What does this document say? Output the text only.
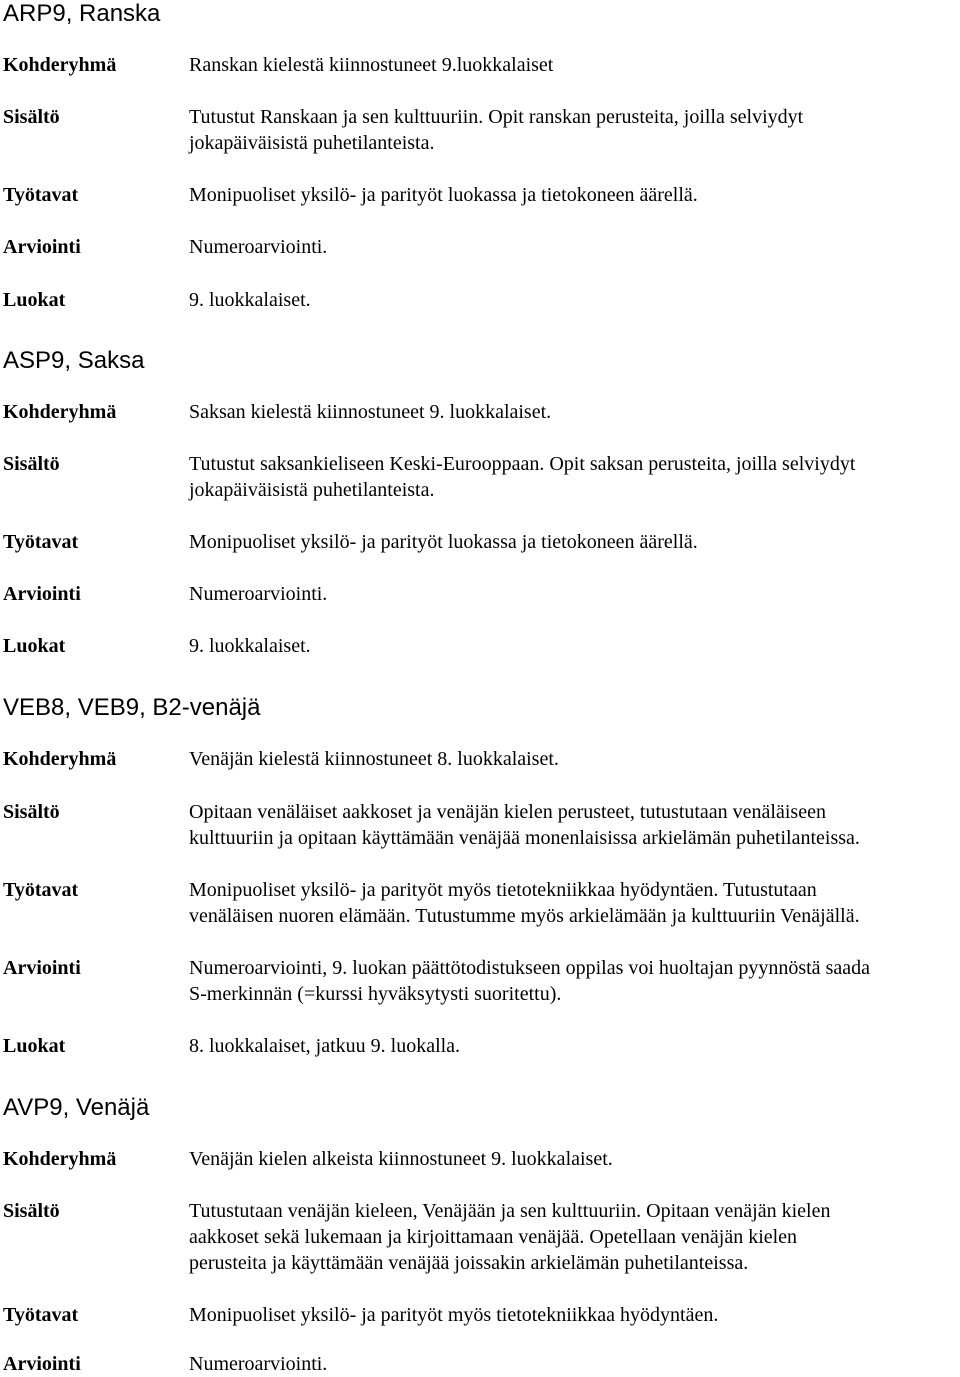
ARP9, Ranska
Kohderyhmä	Ranskan kielestä kiinnostuneet 9.luokkalaiset
Sisältö	Tutustut Ranskaan ja sen kulttuuriin. Opit ranskan perusteita, joilla selviydyt
jokapäiväisistä puhetilanteista.
Työtavat	Monipuoliset yksilö- ja parityöt luokassa ja tietokoneen äärellä.
Arviointi	Numeroarviointi.
Luokat	9. luokkalaiset.
ASP9, Saksa
Kohderyhmä	Saksan kielestä kiinnostuneet 9. luokkalaiset.
Sisältö	Tutustut saksankieliseen Keski-Eurooppaan. Opit saksan perusteita, joilla selviydyt
jokapäiväisistä puhetilanteista.
Työtavat	Monipuoliset yksilö- ja parityöt luokassa ja tietokoneen äärellä.
Arviointi	Numeroarviointi.
Luokat	9. luokkalaiset.
VEB8, VEB9, B2-venäjä
Kohderyhmä	Venäjän kielestä kiinnostuneet 8. luokkalaiset.
Sisältö	Opitaan venäläiset aakkoset ja venäjän kielen perusteet, tutustutaan venäläiseen
kulttuuriin ja opitaan käyttämään venäjää monenlaisissa arkielämän puhetilanteissa.
Työtavat	Monipuoliset yksilö- ja parityöt myös tietotekniikkaa hyödyntäen. Tutustutaan
venäläisen nuoren elämään. Tutustumme myös arkielämään ja kulttuuriin Venäjällä.
Arviointi	Numeroarviointi, 9. luokan päättötodistukseen oppilas voi huoltajan pyynnöstä saada
S-merkinnän (=kurssi hyväksytysti suoritettu).
Luokat	8. luokkalaiset, jatkuu 9. luokalla.
AVP9, Venäjä
Kohderyhmä	Venäjän kielen alkeista kiinnostuneet 9. luokkalaiset.
Sisältö	Tutustutaan venäjän kieleen, Venäjään ja sen kulttuuriin. Opitaan venäjän kielen
aakkoset sekä lukemaan ja kirjoittamaan venäjää. Opetellaan venäjän kielen
perusteita ja käyttämään venäjää joissakin arkielämän puhetilanteissa.
Työtavat	Monipuoliset yksilö- ja parityöt myös tietotekniikkaa hyödyntäen.
Arviointi	Numeroarviointi.
